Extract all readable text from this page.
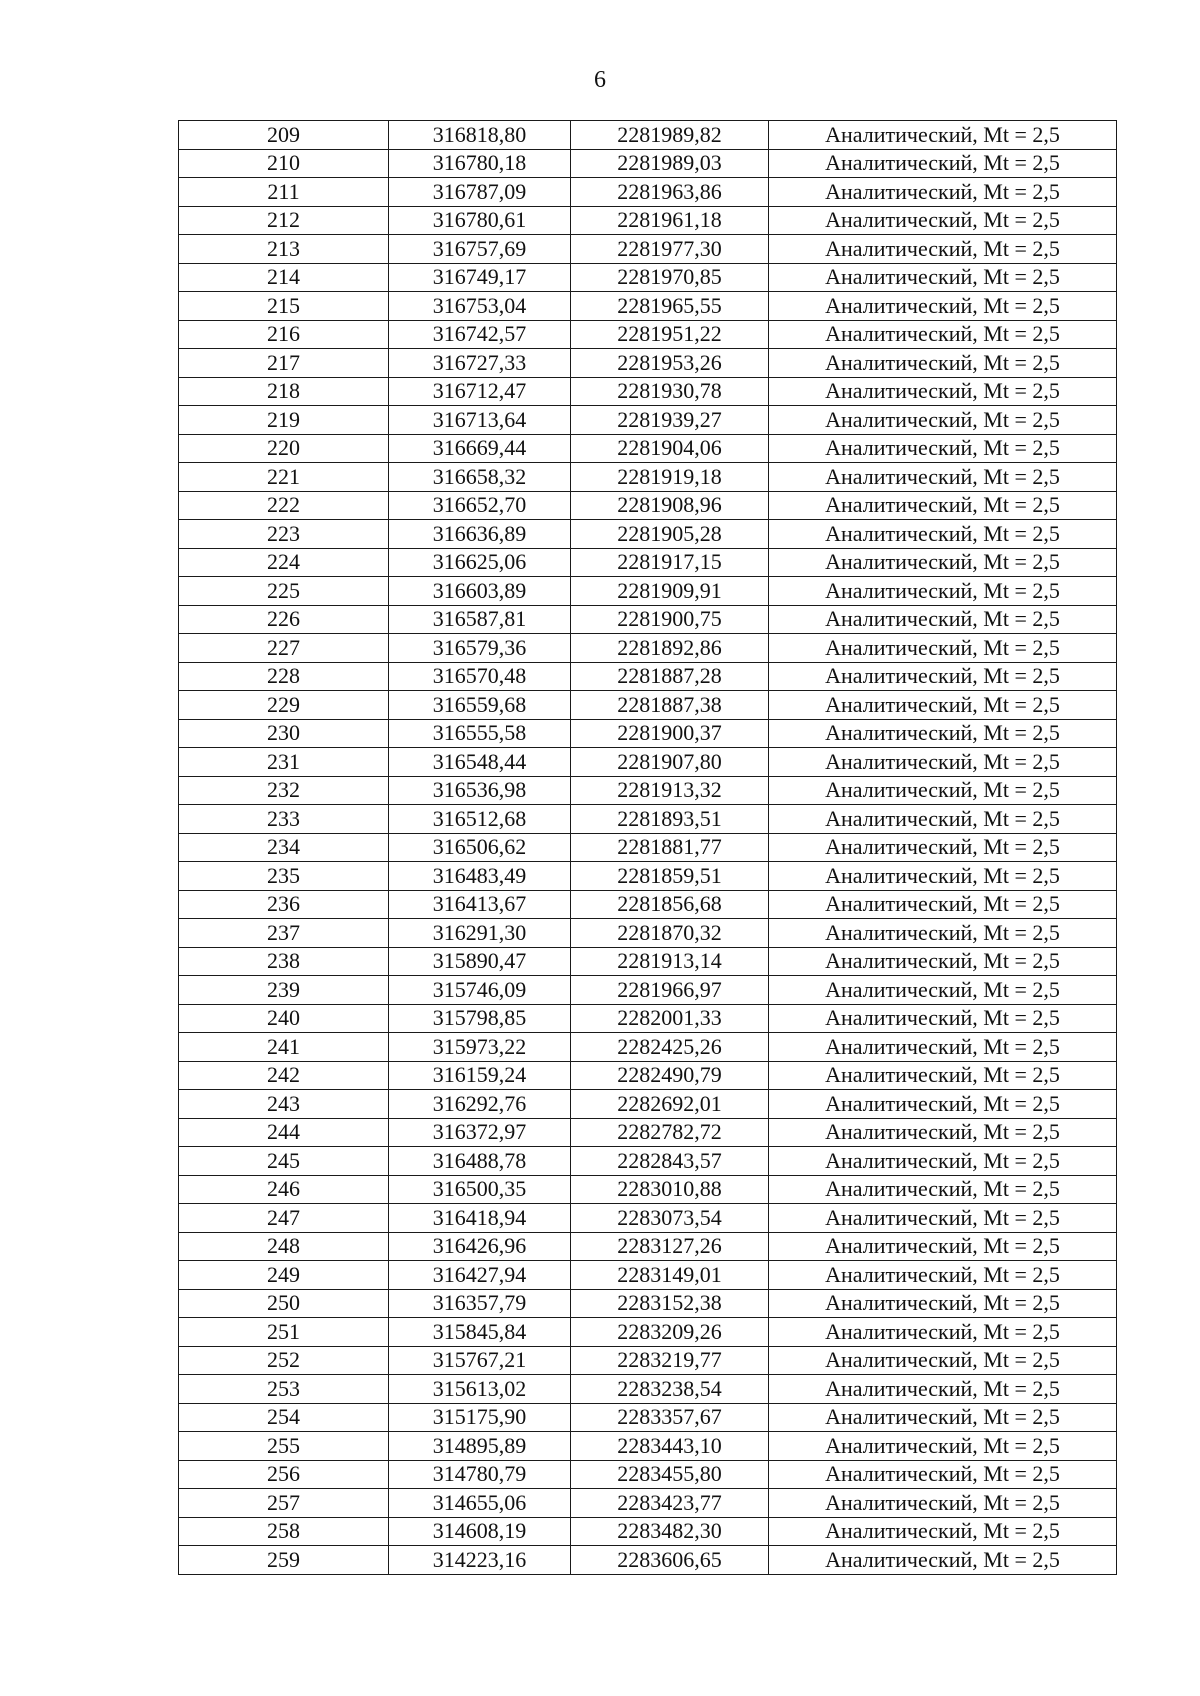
6
209	316818,80	2281989,82	Аналитический, Mt = 2,5
210	316780,18	2281989,03	Аналитический, Mt = 2,5
211	316787,09	2281963,86	Аналитический, Mt = 2,5
212	316780,61	2281961,18	Аналитический, Mt = 2,5
213	316757,69	2281977,30	Аналитический, Mt = 2,5
214	316749,17	2281970,85	Аналитический, Mt = 2,5
215	316753,04	2281965,55	Аналитический, Mt = 2,5
216	316742,57	2281951,22	Аналитический, Mt = 2,5
217	316727,33	2281953,26	Аналитический, Mt = 2,5
218	316712,47	2281930,78	Аналитический, Mt = 2,5
219	316713,64	2281939,27	Аналитический, Mt = 2,5
220	316669,44	2281904,06	Аналитический, Mt = 2,5
221	316658,32	2281919,18	Аналитический, Mt = 2,5
222	316652,70	2281908,96	Аналитический, Mt = 2,5
223	316636,89	2281905,28	Аналитический, Mt = 2,5
224	316625,06	2281917,15	Аналитический, Mt = 2,5
225	316603,89	2281909,91	Аналитический, Mt = 2,5
226	316587,81	2281900,75	Аналитический, Mt = 2,5
227	316579,36	2281892,86	Аналитический, Mt = 2,5
228	316570,48	2281887,28	Аналитический, Mt = 2,5
229	316559,68	2281887,38	Аналитический, Mt = 2,5
230	316555,58	2281900,37	Аналитический, Mt = 2,5
231	316548,44	2281907,80	Аналитический, Mt = 2,5
232	316536,98	2281913,32	Аналитический, Mt = 2,5
233	316512,68	2281893,51	Аналитический, Mt = 2,5
234	316506,62	2281881,77	Аналитический, Mt = 2,5
235	316483,49	2281859,51	Аналитический, Mt = 2,5
236	316413,67	2281856,68	Аналитический, Mt = 2,5
237	316291,30	2281870,32	Аналитический, Mt = 2,5
238	315890,47	2281913,14	Аналитический, Mt = 2,5
239	315746,09	2281966,97	Аналитический, Mt = 2,5
240	315798,85	2282001,33	Аналитический, Mt = 2,5
241	315973,22	2282425,26	Аналитический, Mt = 2,5
242	316159,24	2282490,79	Аналитический, Mt = 2,5
243	316292,76	2282692,01	Аналитический, Mt = 2,5
244	316372,97	2282782,72	Аналитический, Mt = 2,5
245	316488,78	2282843,57	Аналитический, Mt = 2,5
246	316500,35	2283010,88	Аналитический, Mt = 2,5
247	316418,94	2283073,54	Аналитический, Mt = 2,5
248	316426,96	2283127,26	Аналитический, Mt = 2,5
249	316427,94	2283149,01	Аналитический, Mt = 2,5
250	316357,79	2283152,38	Аналитический, Mt = 2,5
251	315845,84	2283209,26	Аналитический, Mt = 2,5
252	315767,21	2283219,77	Аналитический, Mt = 2,5
253	315613,02	2283238,54	Аналитический, Mt = 2,5
254	315175,90	2283357,67	Аналитический, Mt = 2,5
255	314895,89	2283443,10	Аналитический, Mt = 2,5
256	314780,79	2283455,80	Аналитический, Mt = 2,5
257	314655,06	2283423,77	Аналитический, Mt = 2,5
258	314608,19	2283482,30	Аналитический, Mt = 2,5
259	314223,16	2283606,65	Аналитический, Mt = 2,5
